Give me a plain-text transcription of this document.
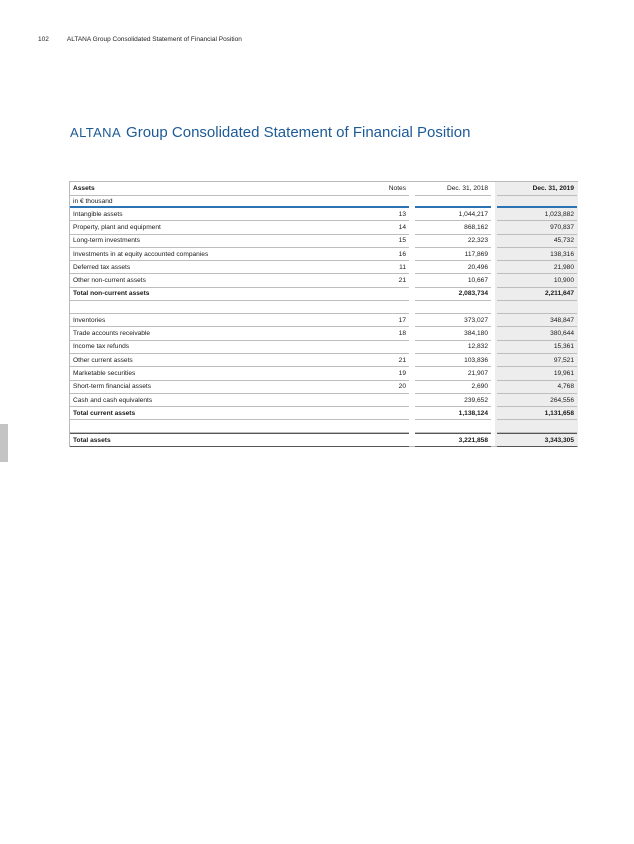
102	ALTANA Group Consolidated Statement of Financial Position
ALTANA Group Consolidated Statement of Financial Position
Assets	Notes		Dec. 31, 2018		Dec. 31, 2019
in € thousand					
Intangible assets	13		1,044,217		1,023,882
Property, plant and equipment	14		868,162		970,837
Long-term investments	15		22,323		45,732
Investments in at equity accounted companies	16		117,869		138,316
Deferred tax assets	11		20,496		21,980
Other non-current assets	21		10,667		10,900
Total non-current assets			2,083,734		2,211,647

Inventories	17		373,027		348,847
Trade accounts receivable	18		384,180		380,644
Income tax refunds			12,832		15,361
Other current assets	21		103,836		97,521
Marketable securities	19		21,907		19,961
Short-term financial assets	20		2,690		4,768
Cash and cash equivalents			239,652		264,556
Total current assets			1,138,124		1,131,658

Total assets			3,221,858		3,343,305
